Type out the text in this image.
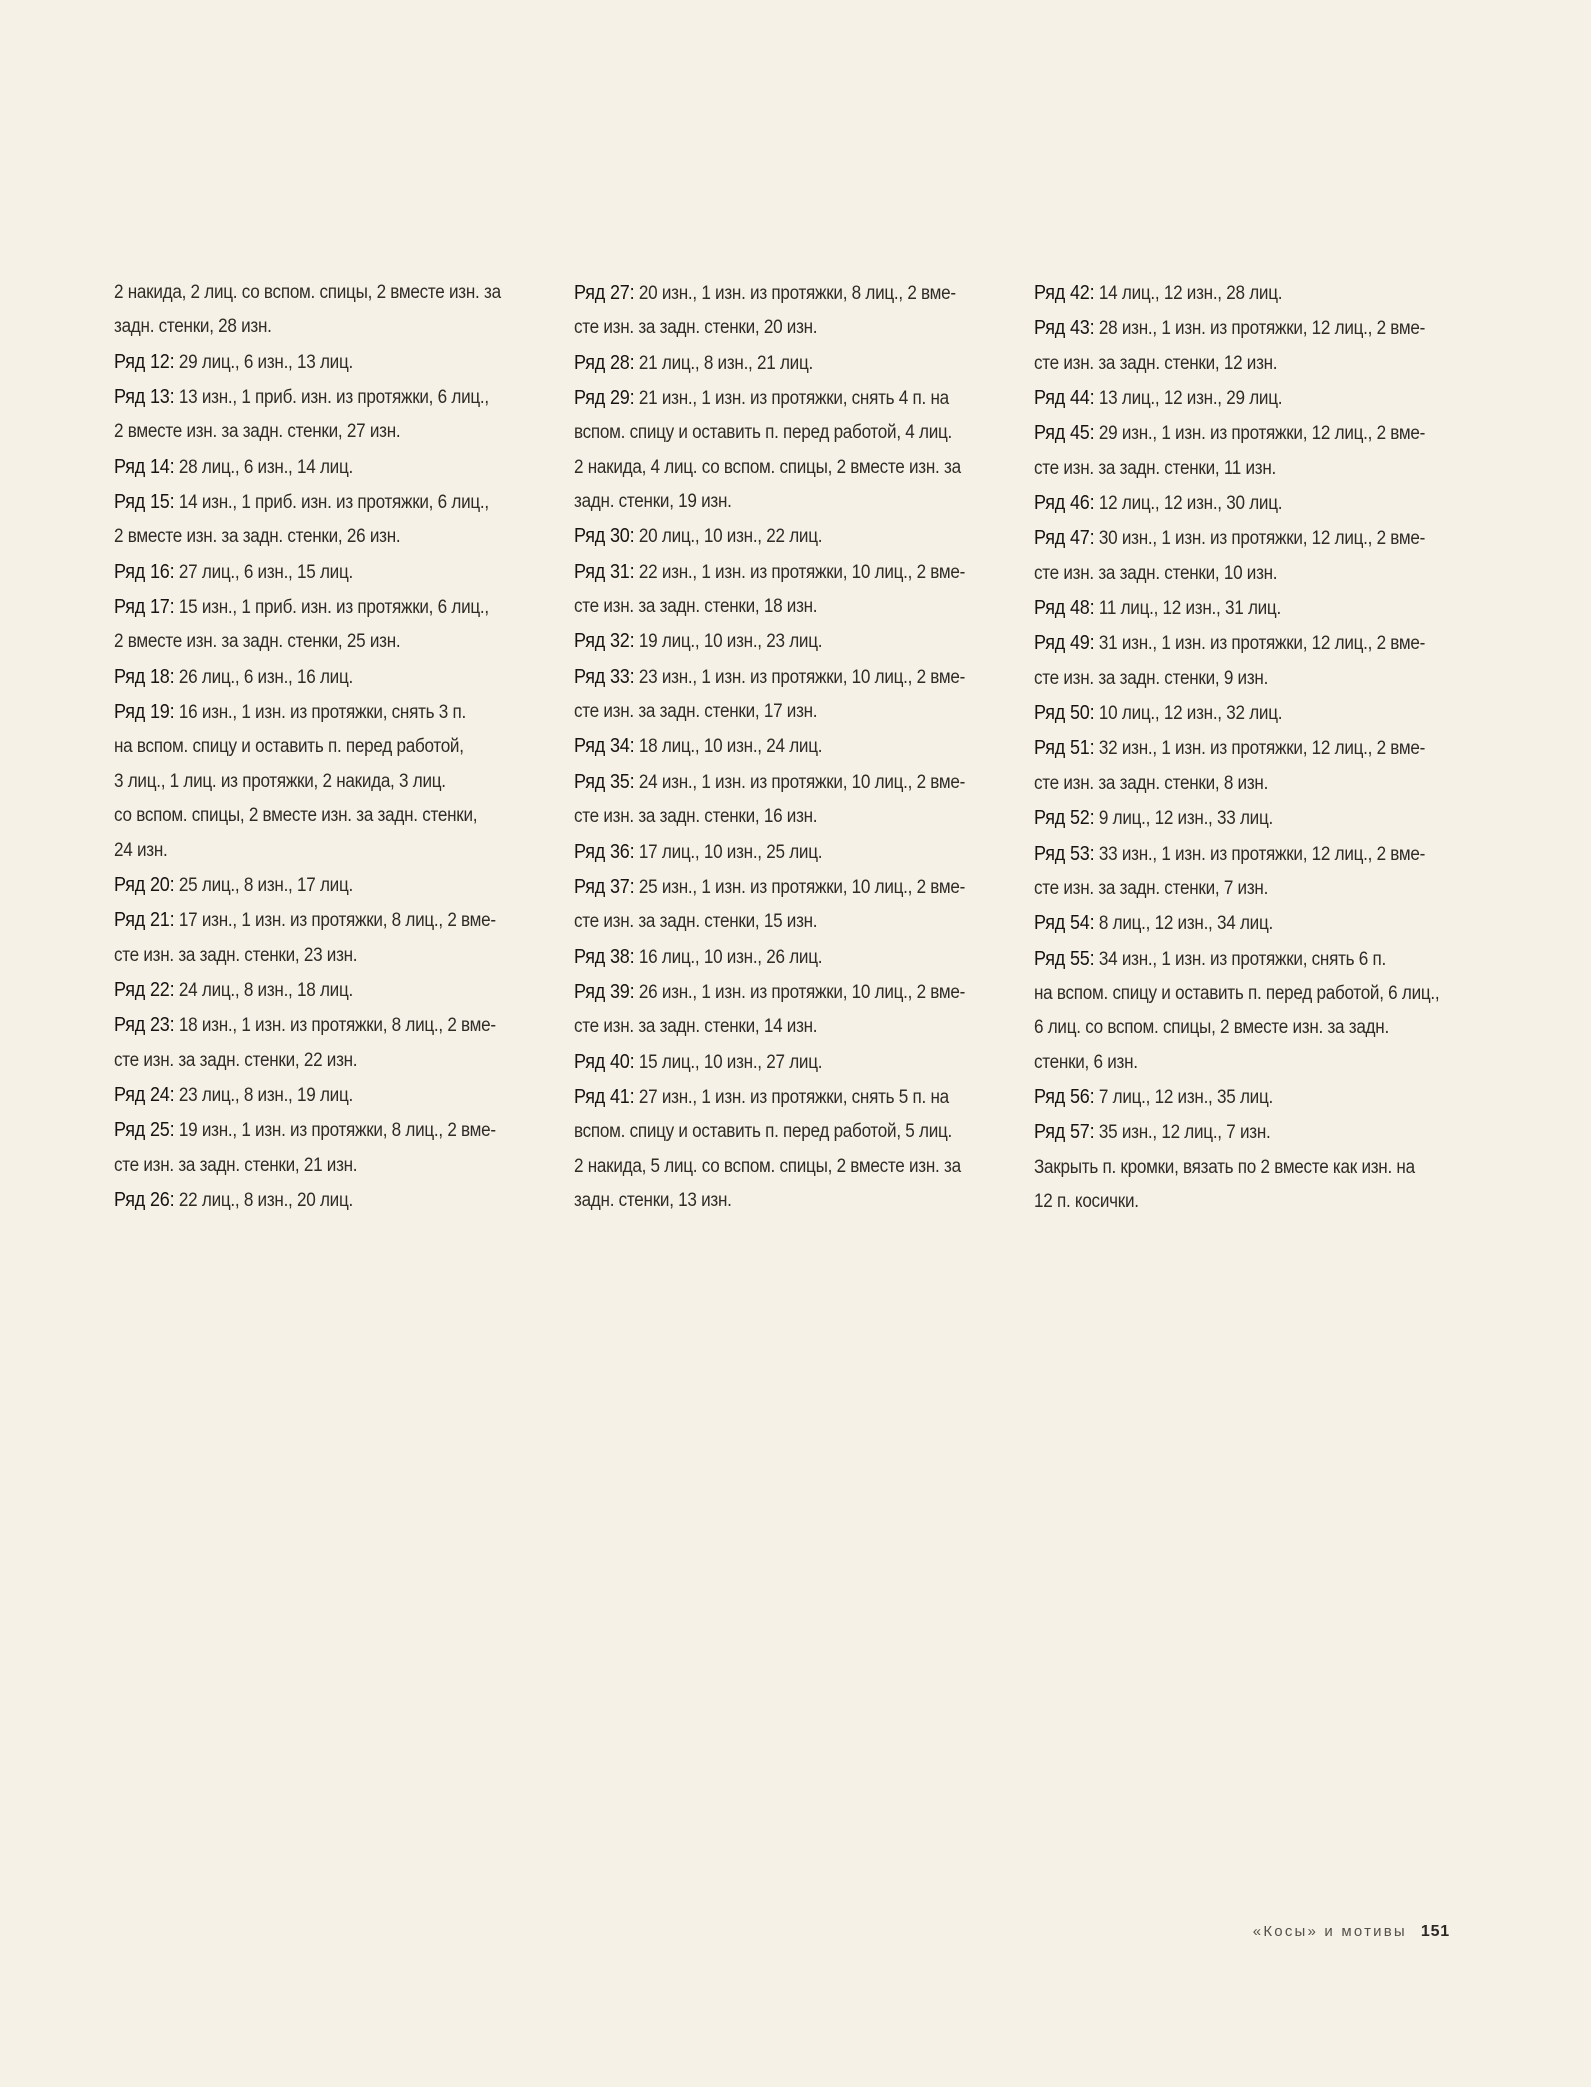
2 накида, 2 лиц. со вспом. спицы, 2 вместе изн. за
задн. стенки, 28 изн.
Ряд 12: 29 лиц., 6 изн., 13 лиц.
Ряд 13: 13 изн., 1 приб. изн. из протяжки, 6 лиц.,
2 вместе изн. за задн. стенки, 27 изн.
Ряд 14: 28 лиц., 6 изн., 14 лиц.
Ряд 15: 14 изн., 1 приб. изн. из протяжки, 6 лиц.,
2 вместе изн. за задн. стенки, 26 изн.
Ряд 16: 27 лиц., 6 изн., 15 лиц.
Ряд 17: 15 изн., 1 приб. изн. из протяжки, 6 лиц.,
2 вместе изн. за задн. стенки, 25 изн.
Ряд 18: 26 лиц., 6 изн., 16 лиц.
Ряд 19: 16 изн., 1 изн. из протяжки, снять 3 п.
на вспом. спицу и оставить п. перед работой,
3 лиц., 1 лиц. из протяжки, 2 накида, 3 лиц.
со вспом. спицы, 2 вместе изн. за задн. стенки,
24 изн.
Ряд 20: 25 лиц., 8 изн., 17 лиц.
Ряд 21: 17 изн., 1 изн. из протяжки, 8 лиц., 2 вме-
сте изн. за задн. стенки, 23 изн.
Ряд 22: 24 лиц., 8 изн., 18 лиц.
Ряд 23: 18 изн., 1 изн. из протяжки, 8 лиц., 2 вме-
сте изн. за задн. стенки, 22 изн.
Ряд 24: 23 лиц., 8 изн., 19 лиц.
Ряд 25: 19 изн., 1 изн. из протяжки, 8 лиц., 2 вме-
сте изн. за задн. стенки, 21 изн.
Ряд 26: 22 лиц., 8 изн., 20 лиц.
Ряд 27: 20 изн., 1 изн. из протяжки, 8 лиц., 2 вме-
сте изн. за задн. стенки, 20 изн.
Ряд 28: 21 лиц., 8 изн., 21 лиц.
Ряд 29: 21 изн., 1 изн. из протяжки, снять 4 п. на
вспом. спицу и оставить п. перед работой, 4 лиц.
2 накида, 4 лиц. со вспом. спицы, 2 вместе изн. за
задн. стенки, 19 изн.
Ряд 30: 20 лиц., 10 изн., 22 лиц.
Ряд 31: 22 изн., 1 изн. из протяжки, 10 лиц., 2 вме-
сте изн. за задн. стенки, 18 изн.
Ряд 32: 19 лиц., 10 изн., 23 лиц.
Ряд 33: 23 изн., 1 изн. из протяжки, 10 лиц., 2 вме-
сте изн. за задн. стенки, 17 изн.
Ряд 34: 18 лиц., 10 изн., 24 лиц.
Ряд 35: 24 изн., 1 изн. из протяжки, 10 лиц., 2 вме-
сте изн. за задн. стенки, 16 изн.
Ряд 36: 17 лиц., 10 изн., 25 лиц.
Ряд 37: 25 изн., 1 изн. из протяжки, 10 лиц., 2 вме-
сте изн. за задн. стенки, 15 изн.
Ряд 38: 16 лиц., 10 изн., 26 лиц.
Ряд 39: 26 изн., 1 изн. из протяжки, 10 лиц., 2 вме-
сте изн. за задн. стенки, 14 изн.
Ряд 40: 15 лиц., 10 изн., 27 лиц.
Ряд 41: 27 изн., 1 изн. из протяжки, снять 5 п. на
вспом. спицу и оставить п. перед работой, 5 лиц.
2 накида, 5 лиц. со вспом. спицы, 2 вместе изн. за
задн. стенки, 13 изн.
Ряд 42: 14 лиц., 12 изн., 28 лиц.
Ряд 43: 28 изн., 1 изн. из протяжки, 12 лиц., 2 вме-
сте изн. за задн. стенки, 12 изн.
Ряд 44: 13 лиц., 12 изн., 29 лиц.
Ряд 45: 29 изн., 1 изн. из протяжки, 12 лиц., 2 вме-
сте изн. за задн. стенки, 11 изн.
Ряд 46: 12 лиц., 12 изн., 30 лиц.
Ряд 47: 30 изн., 1 изн. из протяжки, 12 лиц., 2 вме-
сте изн. за задн. стенки, 10 изн.
Ряд 48: 11 лиц., 12 изн., 31 лиц.
Ряд 49: 31 изн., 1 изн. из протяжки, 12 лиц., 2 вме-
сте изн. за задн. стенки, 9 изн.
Ряд 50: 10 лиц., 12 изн., 32 лиц.
Ряд 51: 32 изн., 1 изн. из протяжки, 12 лиц., 2 вме-
сте изн. за задн. стенки, 8 изн.
Ряд 52: 9 лиц., 12 изн., 33 лиц.
Ряд 53: 33 изн., 1 изн. из протяжки, 12 лиц., 2 вме-
сте изн. за задн. стенки, 7 изн.
Ряд 54: 8 лиц., 12 изн., 34 лиц.
Ряд 55: 34 изн., 1 изн. из протяжки, снять 6 п.
на вспом. спицу и оставить п. перед работой, 6 лиц.,
6 лиц. со вспом. спицы, 2 вместе изн. за задн.
стенки, 6 изн.
Ряд 56: 7 лиц., 12 изн., 35 лиц.
Ряд 57: 35 изн., 12 лиц., 7 изн.
Закрыть п. кромки, вязать по 2 вместе как изн. на
12 п. косички.
«Косы» и мотивы 151
